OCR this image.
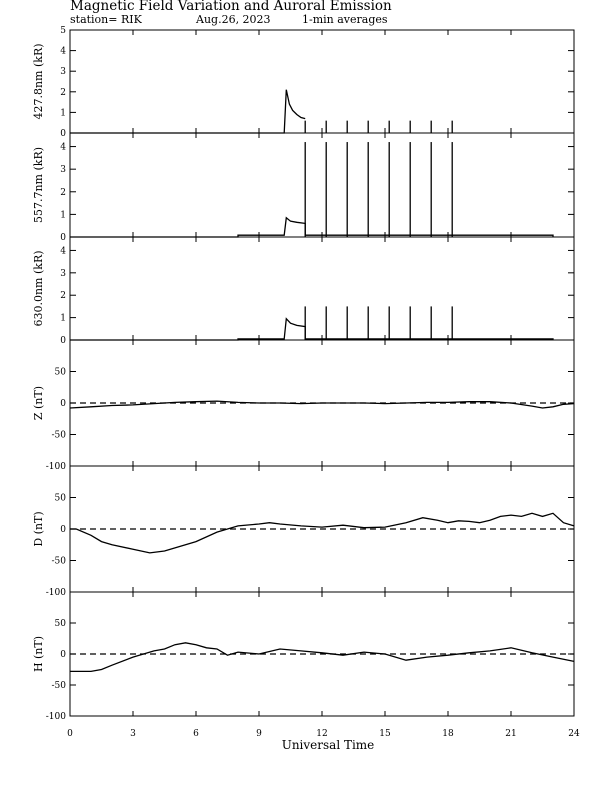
Magnetic Field Variation and Auroral Emission
station= RIK	Aug.26, 2023	1-min averages
Universal Time
0
1
2
3
4
5
427.8nm (kR)
0
1
2
3
4
557.7nm (kR)
0
1
2
3
4
630.0nm (kR)
-100
-50
0
50
Z (nT)
-100
-50
0
50
D (nT)
-100
-50
0
50
H (nT)
0	3	6	9	12	15	18	21	24
